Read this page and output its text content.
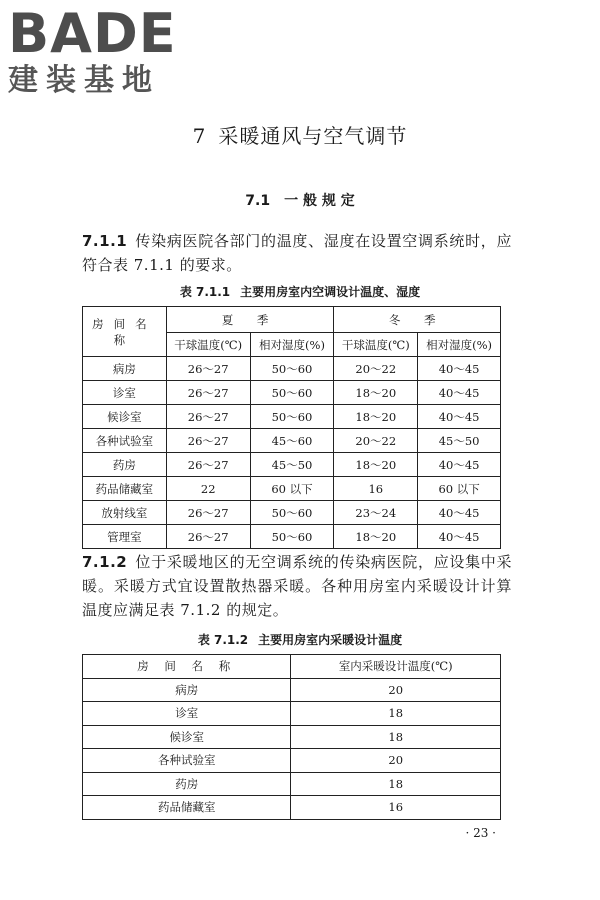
BADE
建装基地
7 采暖通风与空气调节
7.1 一 般 规 定
7.1.1 传染病医院各部门的温度、湿度在设置空调系统时，应符合表 7.1.1 的要求。
表 7.1.1 主要用房室内空调设计温度、湿度
房间名称	夏 季		冬 季	
	干球温度(℃)	相对湿度(%)	干球温度(℃)	相对湿度(%)
病房	26～27	50～60	20～22	40～45
诊室	26～27	50～60	18～20	40～45
候诊室	26～27	50～60	18～20	40～45
各种试验室	26～27	45～60	20～22	45～50
药房	26～27	45～50	18～20	40～45
药品储藏室	22	60 以下	16	60 以下
放射线室	26～27	50～60	23～24	40～45
管理室	26～27	50～60	18～20	40～45
7.1.2 位于采暖地区的无空调系统的传染病医院，应设集中采暖。采暖方式宜设置散热器采暖。各种用房室内采暖设计计算温度应满足表 7.1.2 的规定。
表 7.1.2 主要用房室内采暖设计温度
房 间 名 称	室内采暖设计温度(℃)
病房	20
诊室	18
候诊室	18
各种试验室	20
药房	18
药品储藏室	16
· 23 ·
